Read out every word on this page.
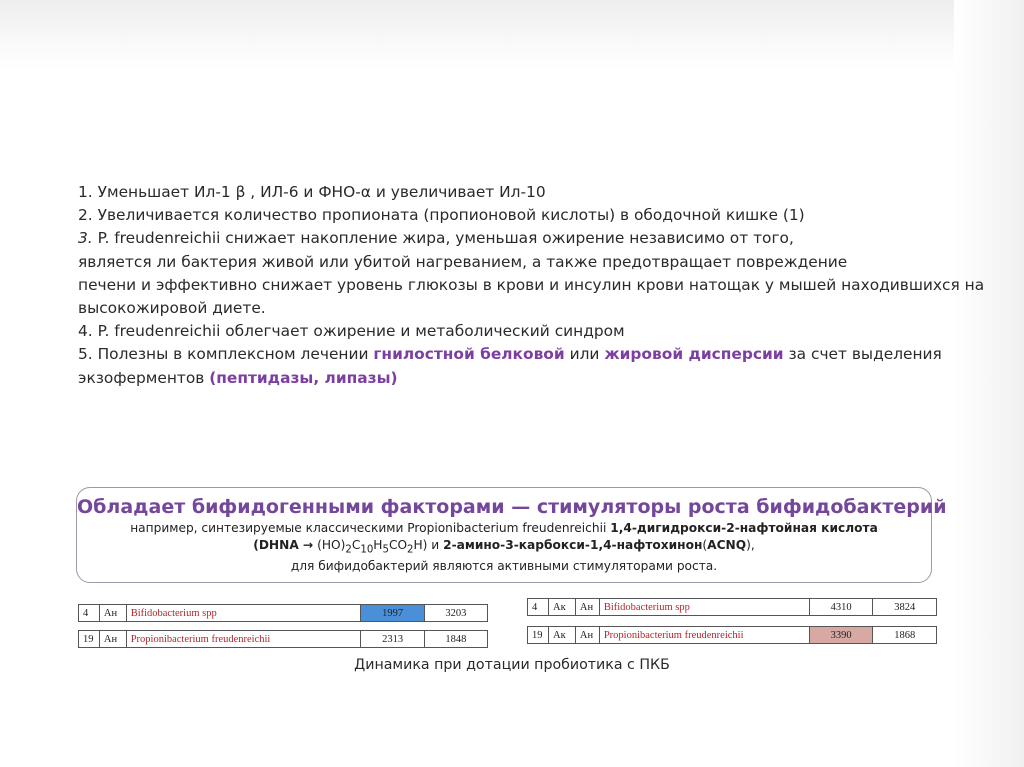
1. Уменьшает Ил-1 β , ИЛ-6 и ФНО-α и увеличивает Ил-10
2. Увеличивается количество пропионата (пропионовой кислоты) в ободочной кишке (1)
3. P. freudenreichii снижает накопление жира, уменьшая ожирение независимо от того,
является ли бактерия живой или убитой нагреванием, а также предотвращает повреждение
печени и эффективно снижает уровень глюкозы в крови и инсулин крови натощак у мышей находившихся на
высокожировой диете.
4. P. freudenreichii облегчает ожирение и метаболический синдром
5. Полезны в комплексном лечении гнилостной белковой или жировой дисперсии за счет выделения
экзоферментов (пептидазы, липазы)
Обладает бифидогенными факторами — стимуляторы роста бифидобактерий
например, синтезируемые классическими Propionibacterium freudenreichii 1,4-дигидрокси-2-нафтойная кислота
(DHNA → $(HO)_2C_{10}H_5CO_2H$) и 2-амино-3-карбокси-1,4-нафтохинон(ACNQ),
для бифидобактерий являются активными стимуляторами роста.
4	Ан	Bifidobacterium spp	1997	3203

19	Ан	Propionibacterium freudenreichii	2313	1848
4	Ак	Ан	Bifidobacterium spp	4310	3824

19	Ак	Ан	Propionibacterium freudenreichii	3390	1868
Динамика при дотации пробиотика с ПКБ
